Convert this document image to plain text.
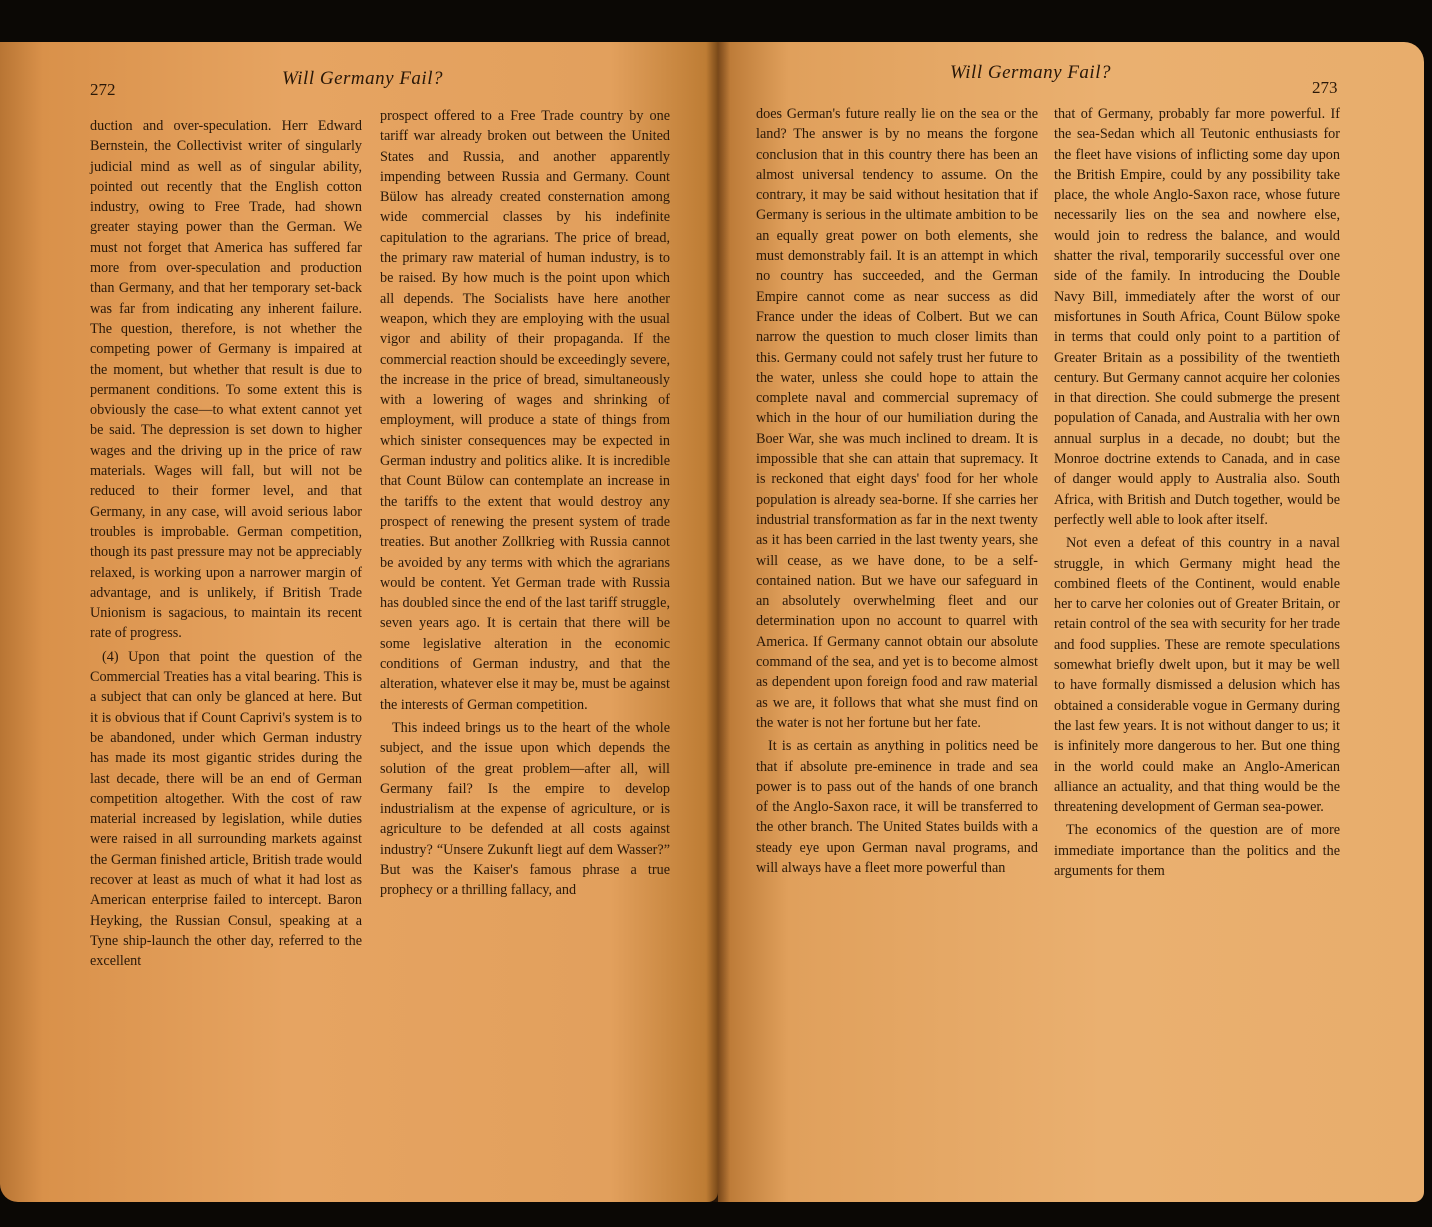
272
Will Germany Fail?

duction and over-speculation. Herr Edward Bernstein, the Collectivist writer of singularly judicial mind as well as of singular ability, pointed out recently that the English cotton industry, owing to Free Trade, had shown greater staying power than the German. We must not forget that America has suffered far more from over-speculation and production than Germany, and that her temporary set-back was far from indicating any inherent failure. The question, therefore, is not whether the competing power of Germany is impaired at the moment, but whether that result is due to permanent conditions. To some extent this is obviously the case—to what extent cannot yet be said. The depression is set down to higher wages and the driving up in the price of raw materials. Wages will fall, but will not be reduced to their former level, and that Germany, in any case, will avoid serious labor troubles is improbable. German competition, though its past pressure may not be appreciably relaxed, is working upon a narrower margin of advantage, and is unlikely, if British Trade Unionism is sagacious, to maintain its recent rate of progress.

(4) Upon that point the question of the Commercial Treaties has a vital bearing. This is a subject that can only be glanced at here. But it is obvious that if Count Caprivi's system is to be abandoned, under which German industry has made its most gigantic strides during the last decade, there will be an end of German competition altogether. With the cost of raw material increased by legislation, while duties were raised in all surrounding markets against the German finished article, British trade would recover at least as much of what it had lost as American enterprise failed to intercept. Baron Heyking, the Russian Consul, speaking at a Tyne ship-launch the other day, referred to the excellent

prospect offered to a Free Trade country by one tariff war already broken out between the United States and Russia, and another apparently impending between Russia and Germany. Count Bülow has already created consternation among wide commercial classes by his indefinite capitulation to the agrarians. The price of bread, the primary raw material of human industry, is to be raised. By how much is the point upon which all depends. The Socialists have here another weapon, which they are employing with the usual vigor and ability of their propaganda. If the commercial reaction should be exceedingly severe, the increase in the price of bread, simultaneously with a lowering of wages and shrinking of employment, will produce a state of things from which sinister consequences may be expected in German industry and politics alike. It is incredible that Count Bülow can contemplate an increase in the tariffs to the extent that would destroy any prospect of renewing the present system of trade treaties. But another Zollkrieg with Russia cannot be avoided by any terms with which the agrarians would be content. Yet German trade with Russia has doubled since the end of the last tariff struggle, seven years ago. It is certain that there will be some legislative alteration in the economic conditions of German industry, and that the alteration, whatever else it may be, must be against the interests of German competition.

This indeed brings us to the heart of the whole subject, and the issue upon which depends the solution of the great problem—after all, will Germany fail? Is the empire to develop industrialism at the expense of agriculture, or is agriculture to be defended at all costs against industry? “Unsere Zukunft liegt auf dem Wasser?” But was the Kaiser's famous phrase a true prophecy or a thrilling fallacy, and

Will Germany Fail?
273

does German's future really lie on the sea or the land? The answer is by no means the forgone conclusion that in this country there has been an almost universal tendency to assume. On the contrary, it may be said without hesitation that if Germany is serious in the ultimate ambition to be an equally great power on both elements, she must demonstrably fail. It is an attempt in which no country has succeeded, and the German Empire cannot come as near success as did France under the ideas of Colbert. But we can narrow the question to much closer limits than this. Germany could not safely trust her future to the water, unless she could hope to attain the complete naval and commercial supremacy of which in the hour of our humiliation during the Boer War, she was much inclined to dream. It is impossible that she can attain that supremacy. It is reckoned that eight days' food for her whole population is already sea-borne. If she carries her industrial transformation as far in the next twenty as it has been carried in the last twenty years, she will cease, as we have done, to be a self-contained nation. But we have our safeguard in an absolutely overwhelming fleet and our determination upon no account to quarrel with America. If Germany cannot obtain our absolute command of the sea, and yet is to become almost as dependent upon foreign food and raw material as we are, it follows that what she must find on the water is not her fortune but her fate.

It is as certain as anything in politics need be that if absolute pre-eminence in trade and sea power is to pass out of the hands of one branch of the Anglo-Saxon race, it will be transferred to the other branch. The United States builds with a steady eye upon German naval programs, and will always have a fleet more powerful than

that of Germany, probably far more powerful. If the sea-Sedan which all Teutonic enthusiasts for the fleet have visions of inflicting some day upon the British Empire, could by any possibility take place, the whole Anglo-Saxon race, whose future necessarily lies on the sea and nowhere else, would join to redress the balance, and would shatter the rival, temporarily successful over one side of the family. In introducing the Double Navy Bill, immediately after the worst of our misfortunes in South Africa, Count Bülow spoke in terms that could only point to a partition of Greater Britain as a possibility of the twentieth century. But Germany cannot acquire her colonies in that direction. She could submerge the present population of Canada, and Australia with her own annual surplus in a decade, no doubt; but the Monroe doctrine extends to Canada, and in case of danger would apply to Australia also. South Africa, with British and Dutch together, would be perfectly well able to look after itself.

Not even a defeat of this country in a naval struggle, in which Germany might head the combined fleets of the Continent, would enable her to carve her colonies out of Greater Britain, or retain control of the sea with security for her trade and food supplies. These are remote speculations somewhat briefly dwelt upon, but it may be well to have formally dismissed a delusion which has obtained a considerable vogue in Germany during the last few years. It is not without danger to us; it is infinitely more dangerous to her. But one thing in the world could make an Anglo-American alliance an actuality, and that thing would be the threatening development of German sea-power.

The economics of the question are of more immediate importance than the politics and the arguments for them
